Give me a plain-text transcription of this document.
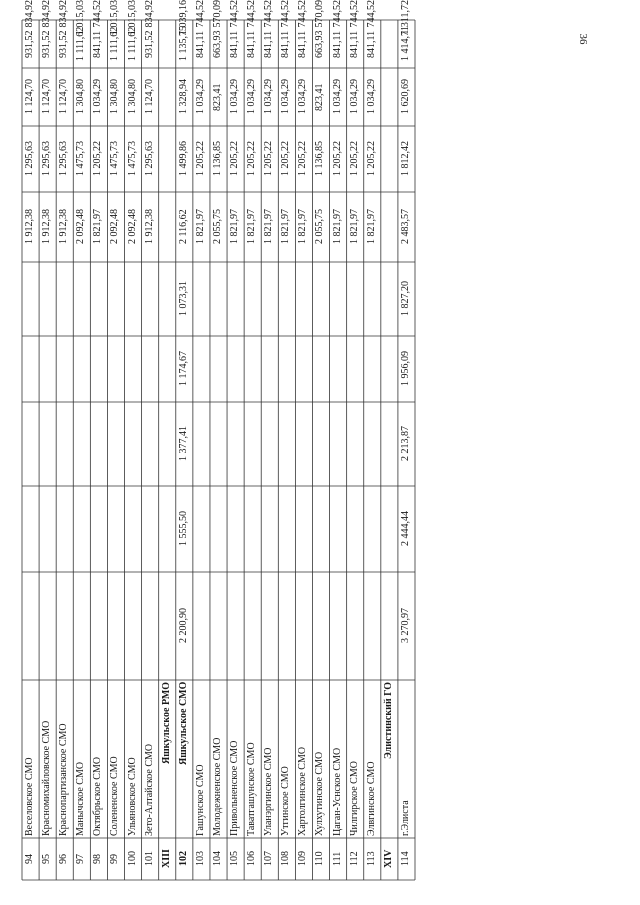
36
94
Веселовское СМО
1 912,38
1 295,63
1 124,70
931,52
834,92
95
Красномихайловское СМО
1 912,38
1 295,63
1 124,70
931,52
834,92
96
Краснопартизанское СМО
1 912,38
1 295,63
1 124,70
931,52
834,92
97
Манычское СМО
2 092,48
1 475,73
1 304,80
1 111,62
1 015,03
98
Октябрьское СМО
1 821,97
1 205,22
1 034,29
841,11
744,52
99
Солененское СМО
2 092,48
1 475,73
1 304,80
1 111,62
1 015,03
100
Ульяновское СМО
2 092,48
1 475,73
1 304,80
1 111,62
1 015,03
101
Зето-Алтайское СМО
1 912,38
1 295,63
1 124,70
931,52
834,92
XIII
Яшкульское РМО
102
Яшкульское СМО
2 200,90
1 555,50
1 377,41
1 174,67
1 073,31
2 116,62
1 499,86
1 328,94
1 135,75
1 039,16
103
Гашунское СМО
1 821,97
1 205,22
1 034,29
841,11
744,52
104
Молодежненское СМО
2 055,75
1 136,85
823,41
663,93
570,09
105
Привольненское СМО
1 821,97
1 205,22
1 034,29
841,11
744,52
106
Таватгашунское СМО
1 821,97
1 205,22
1 034,29
841,11
744,52
107
Уланэргинское СМО
1 821,97
1 205,22
1 034,29
841,11
744,52
108
Утгинское СМО
1 821,97
1 205,22
1 034,29
841,11
744,52
109
Хартолгинское СМО
1 821,97
1 205,22
1 034,29
841,11
744,52
110
Хулхутинское СМО
2 055,75
1 136,85
823,41
663,93
570,09
111
Цаган-Уснское СМО
1 821,97
1 205,22
1 034,29
841,11
744,52
112
Чилгирское СМО
1 821,97
1 205,22
1 034,29
841,11
744,52
113
Элвгинское СМО
1 821,97
1 205,22
1 034,29
841,11
744,52
XIV
Элистинский ГО
114
г.Элиста
3 270,97
2 444,44
2 213,87
1 956,09
1 827,20
2 483,57
1 812,42
1 620,69
1 414,71
1 311,72
